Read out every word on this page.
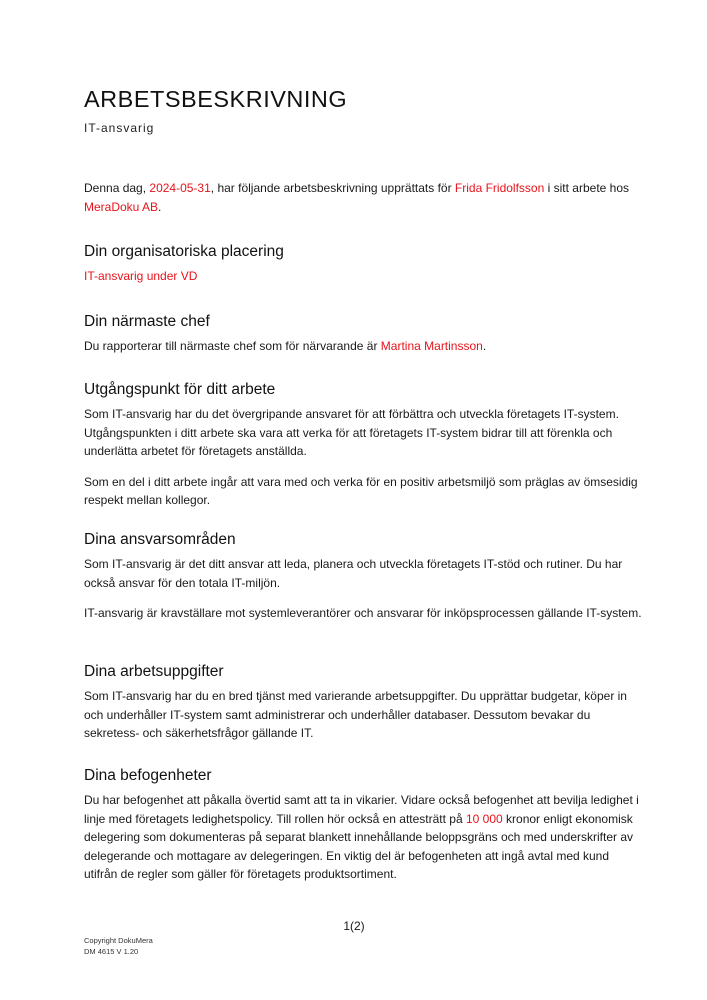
ARBETSBESKRIVNING
IT-ansvarig

Denna dag, 2024-05-31, har följande arbetsbeskrivning upprättats för Frida Fridolfsson i sitt arbete hos MeraDoku AB.

Din organisatoriska placering

IT-ansvarig under VD

Din närmaste chef

Du rapporterar till närmaste chef som för närvarande är Martina Martinsson.

Utgångspunkt för ditt arbete

Som IT-ansvarig har du det övergripande ansvaret för att förbättra och utveckla företagets IT-system. Utgångspunkten i ditt arbete ska vara att verka för att företagets IT-system bidrar till att förenkla och underlätta arbetet för företagets anställda.

Som en del i ditt arbete ingår att vara med och verka för en positiv arbetsmiljö som präglas av ömsesidig respekt mellan kollegor.

Dina ansvarsområden

Som IT-ansvarig är det ditt ansvar att leda, planera och utveckla företagets IT-stöd och rutiner. Du har också ansvar för den totala IT-miljön.

IT-ansvarig är kravställare mot systemleverantörer och ansvarar för inköpsprocessen gällande IT-system.

Dina arbetsuppgifter

Som IT-ansvarig har du en bred tjänst med varierande arbetsuppgifter. Du upprättar budgetar, köper in och underhåller IT-system samt administrerar och underhåller databaser. Dessutom bevakar du sekretess- och säkerhetsfrågor gällande IT.

Dina befogenheter

Du har befogenhet att påkalla övertid samt att ta in vikarier. Vidare också befogenhet att bevilja ledighet i linje med företagets ledighetspolicy. Till rollen hör också en attesträtt på 10 000 kronor enligt ekonomisk delegering som dokumenteras på separat blankett innehållande beloppsgräns och med underskrifter av delegerande och mottagare av delegeringen. En viktig del är befogenheten att ingå avtal med kund utifrån de regler som gäller för företagets produktsortiment.

1(2)
Copyright DokuMera
DM 4615 V 1.20
